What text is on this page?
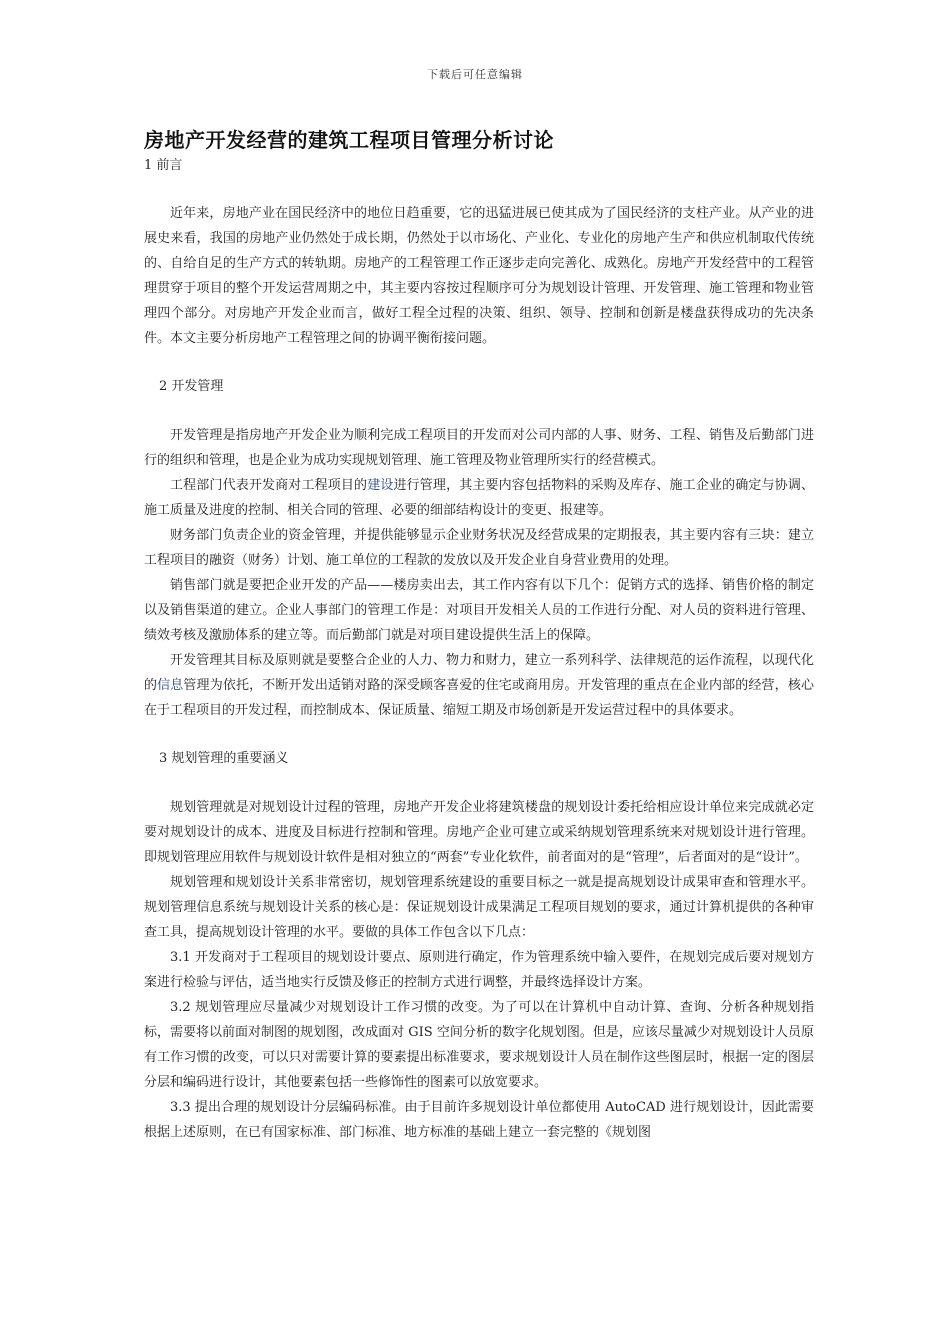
下载后可任意编辑
房地产开发经营的建筑工程项目管理分析讨论
1 前言

近年来，房地产业在国民经济中的地位日趋重要，它的迅猛进展已使其成为了国民经济的支柱产业。从产业的进展史来看，我国的房地产业仍然处于成长期，仍然处于以市场化、产业化、专业化的房地产生产和供应机制取代传统的、自给自足的生产方式的转轨期。房地产的工程管理工作正逐步走向完善化、成熟化。房地产开发经营中的工程管理贯穿于项目的整个开发运营周期之中，其主要内容按过程顺序可分为规划设计管理、开发管理、施工管理和物业管理四个部分。对房地产开发企业而言，做好工程全过程的决策、组织、领导、控制和创新是楼盘获得成功的先决条件。本文主要分析房地产工程管理之间的协调平衡衔接问题。

2 开发管理

开发管理是指房地产开发企业为顺利完成工程项目的开发而对公司内部的人事、财务、工程、销售及后勤部门进行的组织和管理，也是企业为成功实现规划管理、施工管理及物业管理所实行的经营模式。

工程部门代表开发商对工程项目的建设进行管理，其主要内容包括物料的采购及库存、施工企业的确定与协调、施工质量及进度的控制、相关合同的管理、必要的细部结构设计的变更、报建等。

财务部门负责企业的资金管理，并提供能够显示企业财务状况及经营成果的定期报表，其主要内容有三块：建立工程项目的融资（财务）计划、施工单位的工程款的发放以及开发企业自身营业费用的处理。

销售部门就是要把企业开发的产品——楼房卖出去，其工作内容有以下几个：促销方式的选择、销售价格的制定以及销售渠道的建立。企业人事部门的管理工作是：对项目开发相关人员的工作进行分配、对人员的资料进行管理、绩效考核及激励体系的建立等。而后勤部门就是对项目建设提供生活上的保障。

开发管理其目标及原则就是要整合企业的人力、物力和财力，建立一系列科学、法律规范的运作流程，以现代化的信息管理为依托，不断开发出适销对路的深受顾客喜爱的住宅或商用房。开发管理的重点在企业内部的经营，核心在于工程项目的开发过程，而控制成本、保证质量、缩短工期及市场创新是开发运营过程中的具体要求。

3 规划管理的重要涵义

规划管理就是对规划设计过程的管理，房地产开发企业将建筑楼盘的规划设计委托给相应设计单位来完成就必定要对规划设计的成本、进度及目标进行控制和管理。房地产企业可建立或采纳规划管理系统来对规划设计进行管理。即规划管理应用软件与规划设计软件是相对独立的“两套”专业化软件，前者面对的是“管理”，后者面对的是“设计”。

规划管理和规划设计关系非常密切，规划管理系统建设的重要目标之一就是提高规划设计成果审查和管理水平。规划管理信息系统与规划设计关系的核心是：保证规划设计成果满足工程项目规划的要求，通过计算机提供的各种审查工具，提高规划设计管理的水平。要做的具体工作包含以下几点：

3.1 开发商对于工程项目的规划设计要点、原则进行确定，作为管理系统中输入要件，在规划完成后要对规划方案进行检验与评估，适当地实行反馈及修正的控制方式进行调整，并最终选择设计方案。

3.2 规划管理应尽量减少对规划设计工作习惯的改变。为了可以在计算机中自动计算、查询、分析各种规划指标，需要将以前面对制图的规划图，改成面对 GIS 空间分析的数字化规划图。但是，应该尽量减少对规划设计人员原有工作习惯的改变，可以只对需要计算的要素提出标准要求，要求规划设计人员在制作这些图层时，根据一定的图层分层和编码进行设计，其他要素包括一些修饰性的图素可以放宽要求。

3.3 提出合理的规划设计分层编码标准。由于目前许多规划设计单位都使用 AutoCAD 进行规划设计，因此需要根据上述原则，在已有国家标准、部门标准、地方标准的基础上建立一套完整的《规划图
